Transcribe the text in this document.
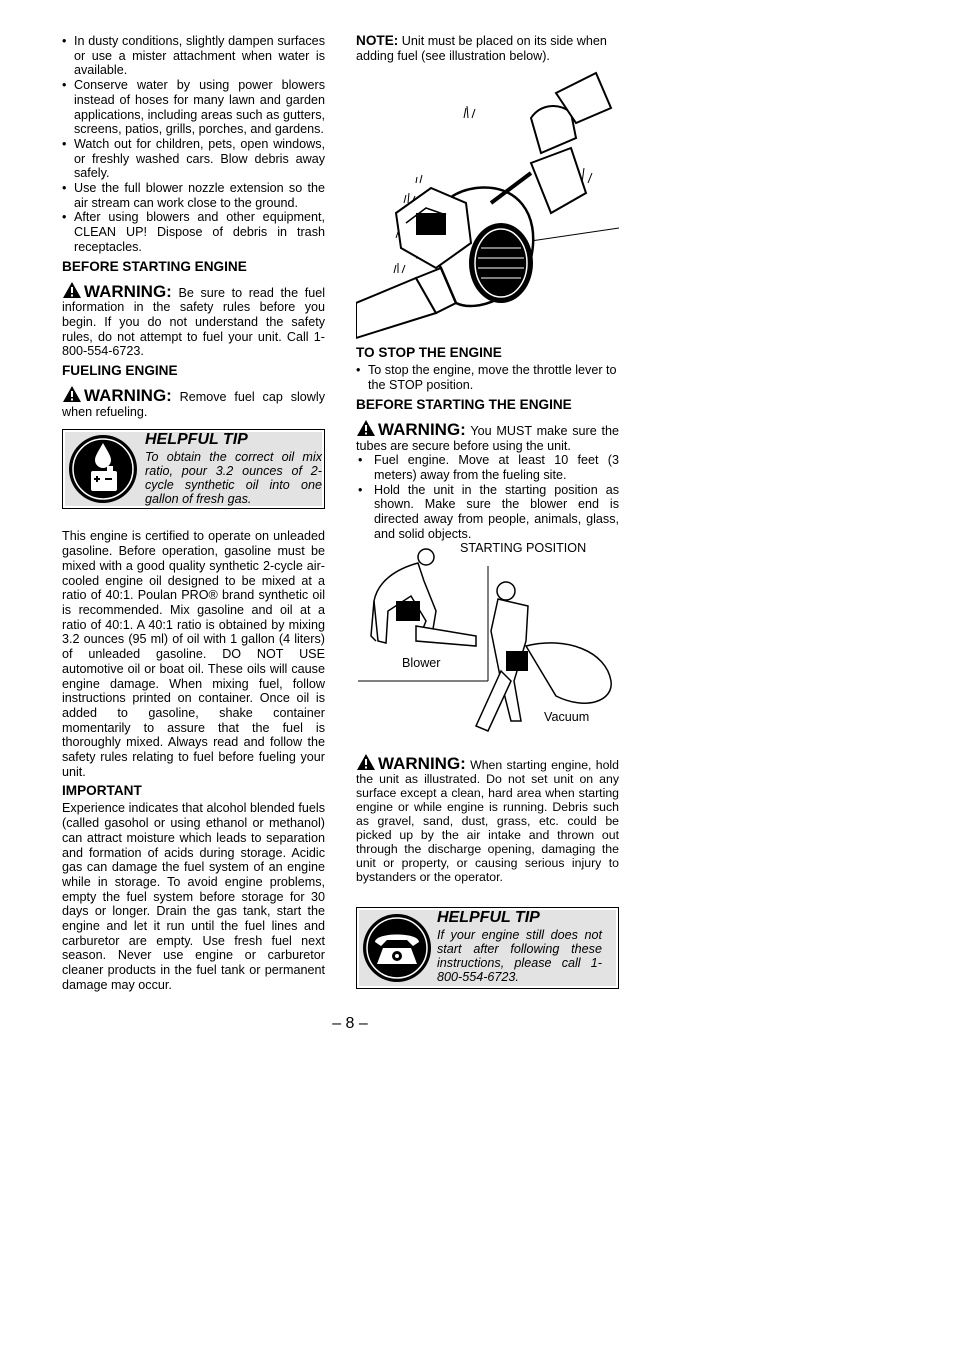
• In dusty conditions, slightly dampen surfaces or use a mister attachment when water is available.
• Conserve water by using power blowers instead of hoses for many lawn and garden applications, including areas such as gutters, screens, patios, grills, porches, and gardens.
• Watch out for children, pets, open windows, or freshly washed cars. Blow debris away safely.
• Use the full blower nozzle extension so the air stream can work close to the ground.
• After using blowers and other equipment, CLEAN UP! Dispose of debris in trash receptacles.
BEFORE STARTING ENGINE
WARNING: Be sure to read the fuel information in the safety rules before you begin. If you do not understand the safety rules, do not attempt to fuel your unit. Call 1-800-554-6723.
FUELING ENGINE
WARNING: Remove fuel cap slowly when refueling.
HELPFUL TIP
To obtain the correct oil mix ratio, pour 3.2 ounces of 2-cycle synthetic oil into one gallon of fresh gas.

This engine is certified to operate on unleaded gasoline. Before operation, gasoline must be mixed with a good quality synthetic 2-cycle air-cooled engine oil designed to be mixed at a ratio of 40:1. Poulan PRO® brand synthetic oil is recommended. Mix gasoline and oil at a ratio of 40:1. A 40:1 ratio is obtained by mixing 3.2 ounces (95 ml) of oil with 1 gallon (4 liters) of unleaded gasoline. DO NOT USE automotive oil or boat oil. These oils will cause engine damage. When mixing fuel, follow instructions printed on container. Once oil is added to gasoline, shake container momentarily to assure that the fuel is thoroughly mixed. Always read and follow the safety rules relating to fuel before fueling your unit.

IMPORTANT

Experience indicates that alcohol blended fuels (called gasohol or using ethanol or methanol) can attract moisture which leads to separation and formation of acids during storage. Acidic gas can damage the fuel system of an engine while in storage. To avoid engine problems, empty the fuel system before storage for 30 days or longer. Drain the gas tank, start the engine and let it run until the fuel lines and carburetor are empty. Use fresh fuel next season. Never use engine or carburetor cleaner products in the fuel tank or permanent damage may occur.

NOTE: Unit must be placed on its side when adding fuel (see illustration below).

TO STOP THE ENGINE
• To stop the engine, move the throttle lever to the STOP position.
BEFORE STARTING THE ENGINE
WARNING: You MUST make sure the tubes are secure before using the unit.
• Fuel engine. Move at least 10 feet (3 meters) away from the fueling site.
• Hold the unit in the starting position as shown. Make sure the blower end is directed away from people, animals, glass, and solid objects.
STARTING POSITION
Blower
Vacuum
WARNING: When starting engine, hold the unit as illustrated. Do not set unit on any surface except a clean, hard area when starting engine or while engine is running. Debris such as gravel, sand, dust, grass, etc. could be picked up by the air intake and thrown out through the discharge opening, damaging the unit or property, or causing serious injury to bystanders or the operator.
HELPFUL TIP
If your engine still does not start after following these instructions, please call 1-800-554-6723.
– 8 –
